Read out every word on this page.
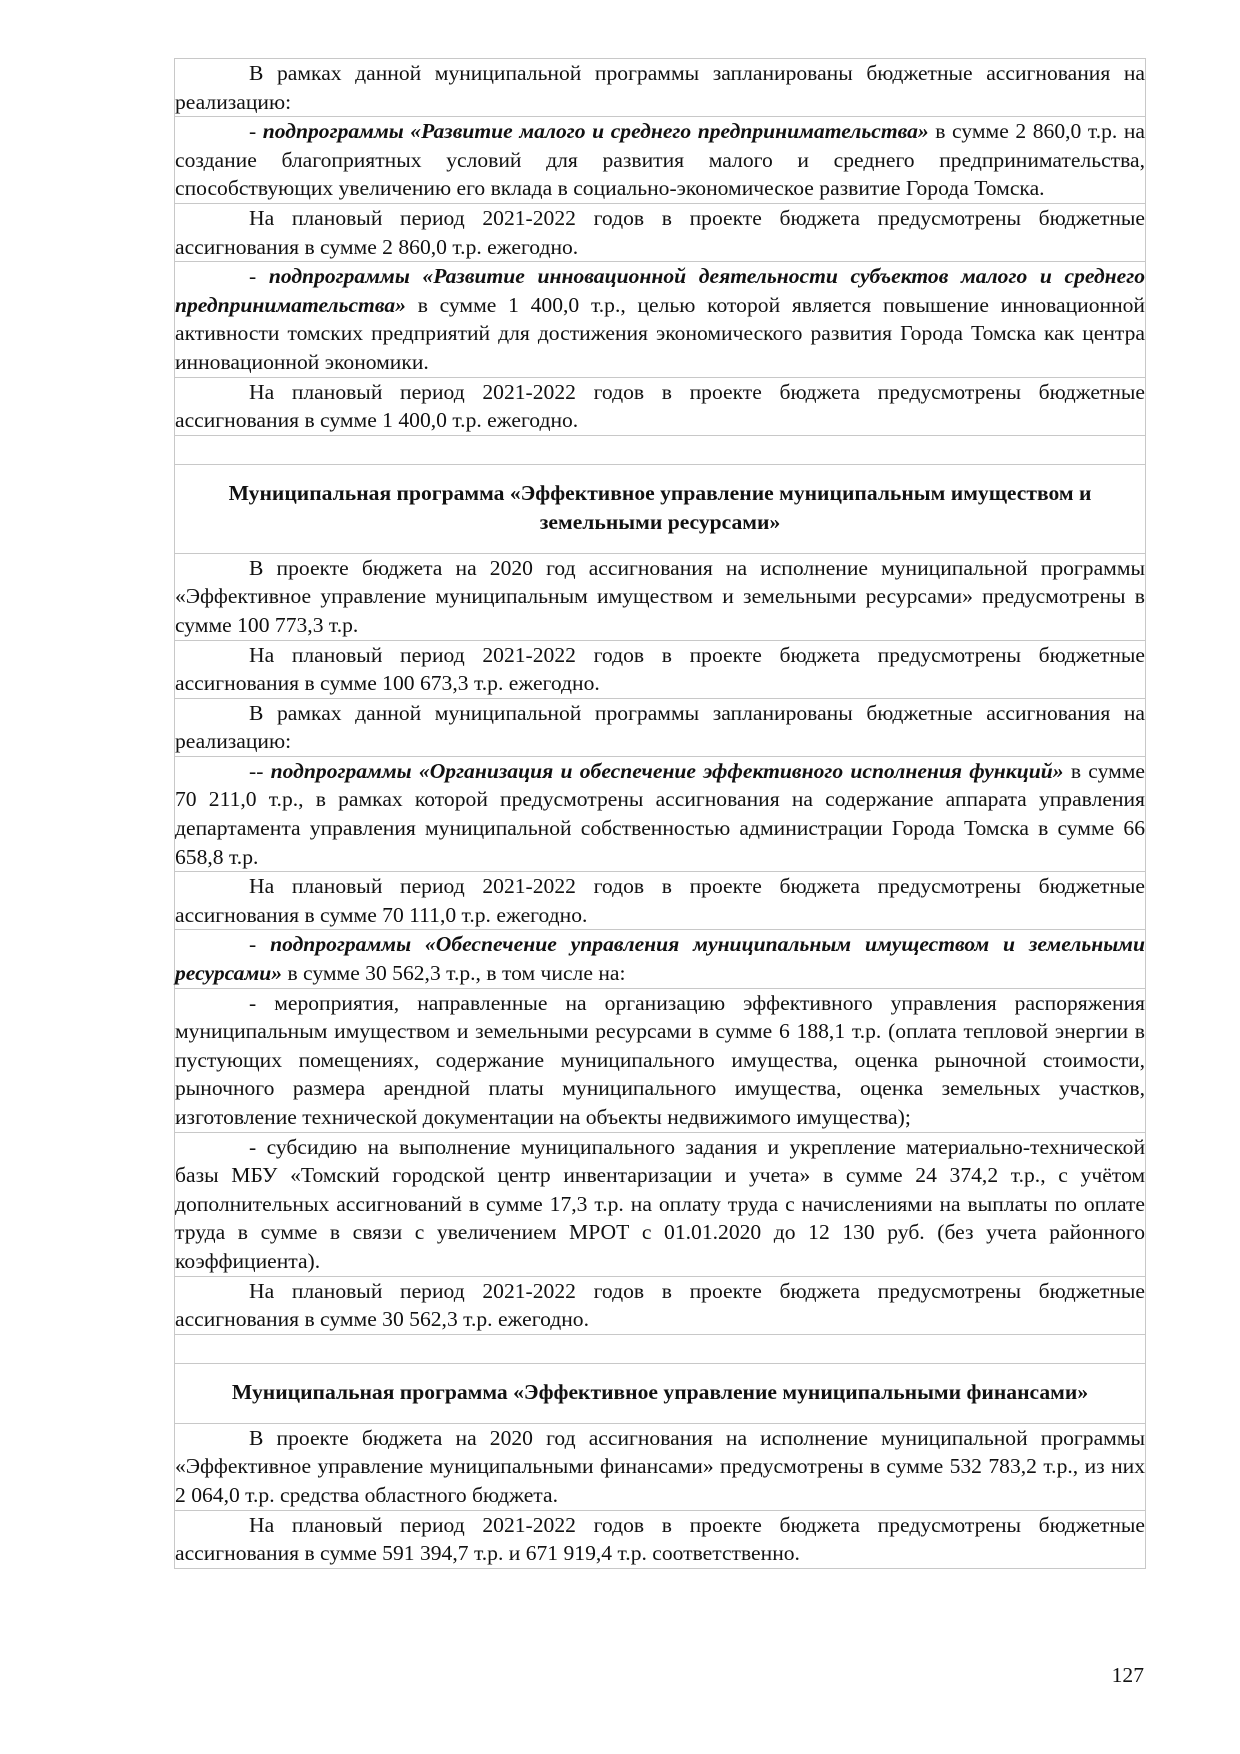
В рамках данной муниципальной программы запланированы бюджетные ассигнования на реализацию:

- подпрограммы «Развитие малого и среднего предпринимательства» в сумме 2 860,0 т.р. на создание благоприятных условий для развития малого и среднего предпринимательства, способствующих увеличению его вклада в социально-экономическое развитие Города Томска.

На плановый период 2021-2022 годов в проекте бюджета предусмотрены бюджетные ассигнования в сумме 2 860,0 т.р. ежегодно.

- подпрограммы «Развитие инновационной деятельности субъектов малого и среднего предпринимательства» в сумме 1 400,0 т.р., целью которой является повышение инновационной активности томских предприятий для достижения экономического развития Города Томска как центра инновационной экономики.

На плановый период 2021-2022 годов в проекте бюджета предусмотрены бюджетные ассигнования в сумме 1 400,0 т.р. ежегодно.

Муниципальная программа «Эффективное управление муниципальным имуществом и земельными ресурсами»

В проекте бюджета на 2020 год ассигнования на исполнение муниципальной программы «Эффективное управление муниципальным имуществом и земельными ресурсами» предусмотрены в сумме 100 773,3 т.р.

На плановый период 2021-2022 годов в проекте бюджета предусмотрены бюджетные ассигнования в сумме 100 673,3 т.р. ежегодно.

В рамках данной муниципальной программы запланированы бюджетные ассигнования на реализацию:

-- подпрограммы «Организация и обеспечение эффективного исполнения функций» в сумме 70 211,0 т.р., в рамках которой предусмотрены ассигнования на содержание аппарата управления департамента управления муниципальной собственностью администрации Города Томска в сумме 66 658,8 т.р.

На плановый период 2021-2022 годов в проекте бюджета предусмотрены бюджетные ассигнования в сумме 70 111,0 т.р. ежегодно.

- подпрограммы «Обеспечение управления муниципальным имуществом и земельными ресурсами» в сумме 30 562,3 т.р., в том числе на:

- мероприятия, направленные на организацию эффективного управления распоряжения муниципальным имуществом и земельными ресурсами в сумме 6 188,1 т.р. (оплата тепловой энергии в пустующих помещениях, содержание муниципального имущества, оценка рыночной стоимости, рыночного размера арендной платы муниципального имущества, оценка земельных участков, изготовление технической документации на объекты недвижимого имущества);

- субсидию на выполнение муниципального задания и укрепление материально-технической базы МБУ «Томский городской центр инвентаризации и учета» в сумме 24 374,2 т.р., с учётом дополнительных ассигнований в сумме 17,3 т.р. на оплату труда с начислениями на выплаты по оплате труда в сумме в связи с увеличением МРОТ с 01.01.2020 до 12 130 руб. (без учета районного коэффициента).

На плановый период 2021-2022 годов в проекте бюджета предусмотрены бюджетные ассигнования в сумме 30 562,3 т.р. ежегодно.

Муниципальная программа «Эффективное управление муниципальными финансами»

В проекте бюджета на 2020 год ассигнования на исполнение муниципальной программы «Эффективное управление муниципальными финансами» предусмотрены в сумме 532 783,2 т.р., из них 2 064,0 т.р. средства областного бюджета.

На плановый период 2021-2022 годов в проекте бюджета предусмотрены бюджетные ассигнования в сумме 591 394,7 т.р. и 671 919,4 т.р. соответственно.

127
